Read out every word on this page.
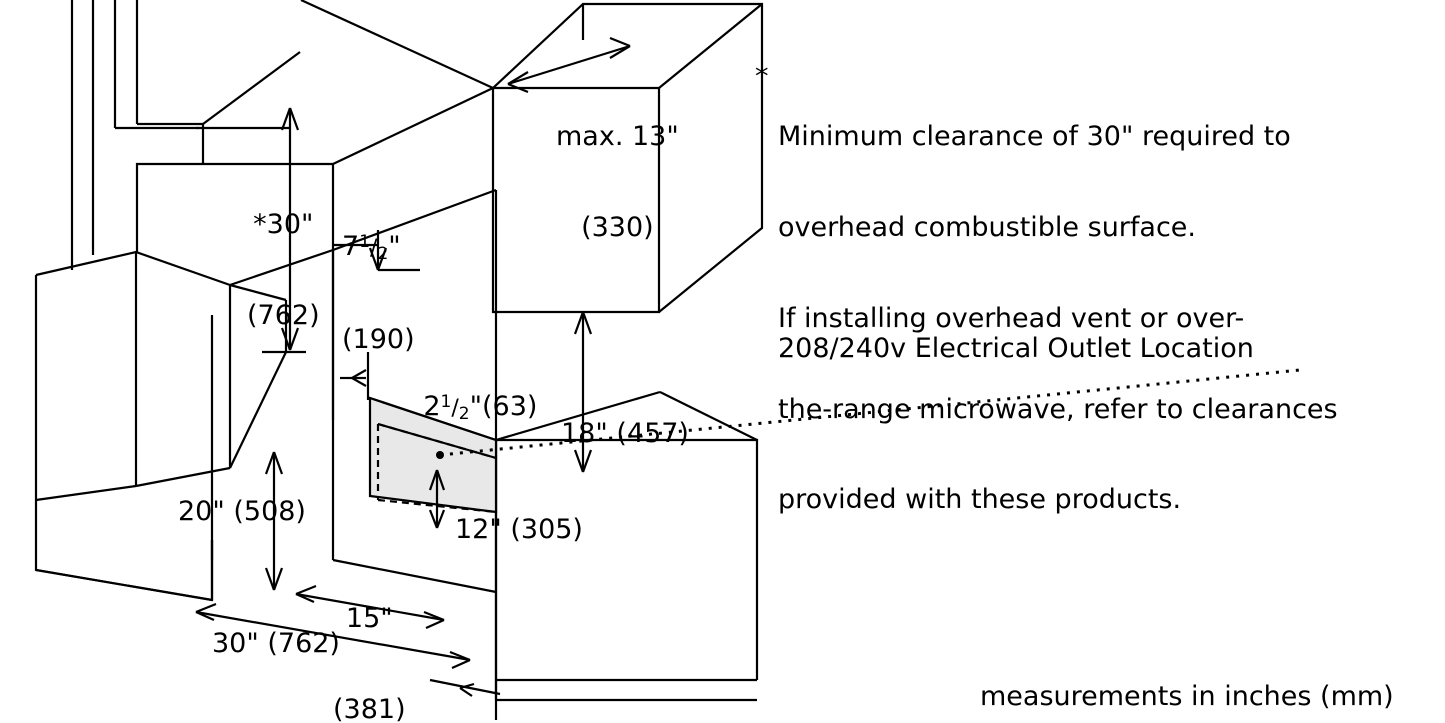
max. 13"

(330)

*30"

(762)

$7^1/2$"

(190)

$2^1/2"(63)$

18" (457)
20" (508)
12" (305)

15"

(381)

30" (762)
*

Minimum clearance of 30" required to

overhead combustible surface.

If installing overhead vent or over-

the-range microwave, refer to clearances

provided with these products.

208/240v Electrical Outlet Location
measurements in inches (mm)
